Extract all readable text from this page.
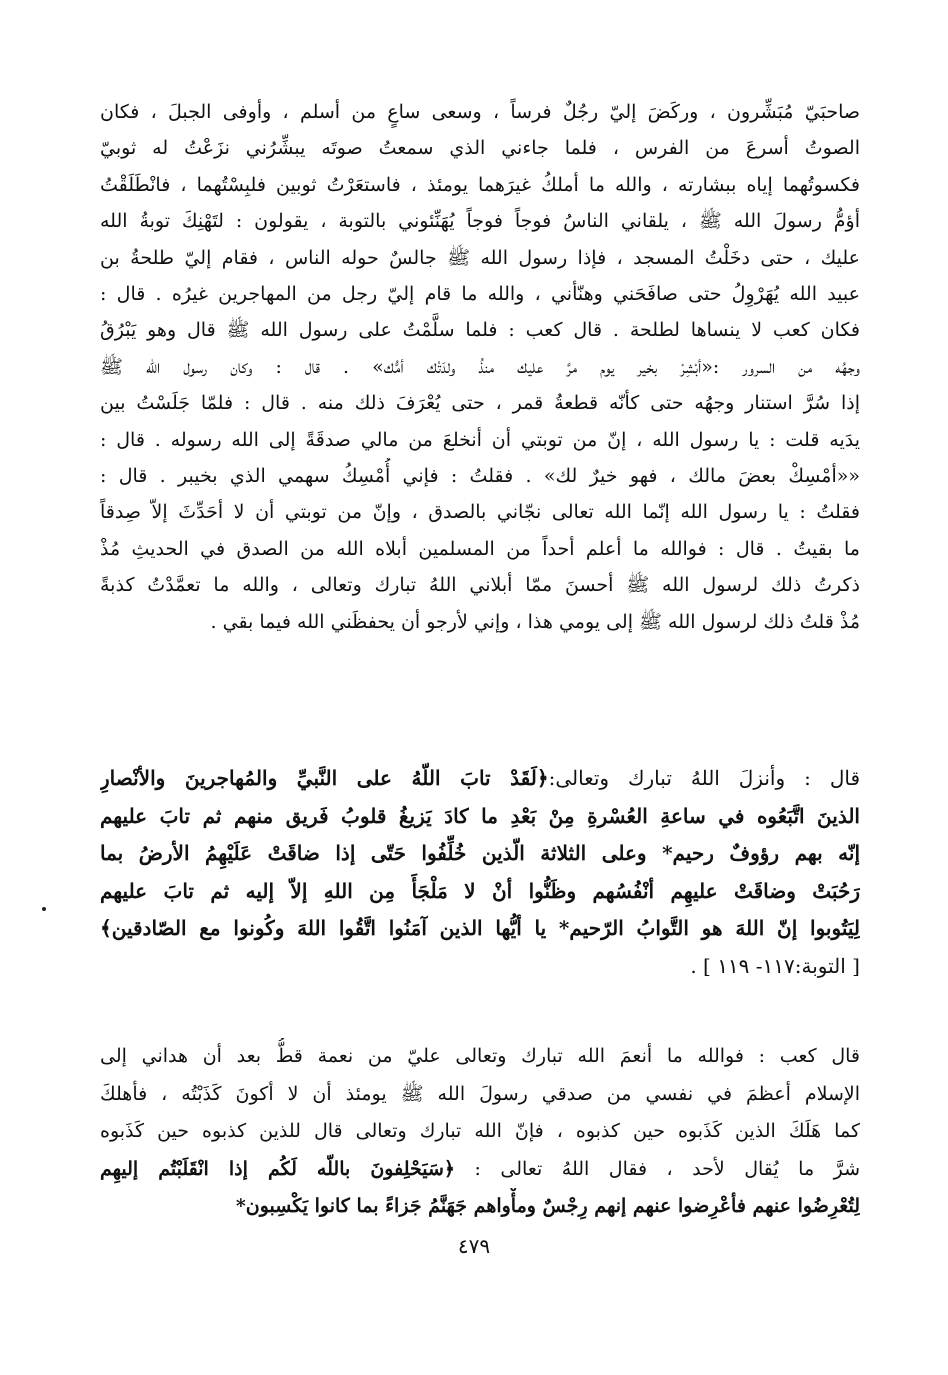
صاحبَيّ مُبَشِّرون ، وركَضَ إليّ رجُلٌ فرساً ، وسعى ساعٍ من أسلم ، وأوفى الجبلَ ، فكان
الصوتُ أسرعَ من الفرس ، فلما جاءني الذي سمعتُ صوتَه يبشِّرُني نزَعْتُ له ثوبيّ
فكسوتُهما إياه ببشارته ، والله ما أملكُ غيرَهما يومئذ ، فاستعَرْتُ ثوبين فلبِسْتُهما ، فانْطَلَقْتُ
أؤمُّ رسولَ الله ﷺ ، يلقاني الناسُ فوجاً فوجاً يُهَنِّئوني بالتوبة ، يقولون : لتَهْنِكَ توبةُ الله
عليك ، حتى دخَلْتُ المسجد ، فإذا رسول الله ﷺ جالسٌ حوله الناس ، فقام إليّ طلحةُ بن
عبيد الله يُهَرْوِلُ حتى صافَحَني وهنّأني ، والله ما قام إليّ رجل من المهاجرين غيرُه . قال :
فكان كعب لا ينساها لطلحة . قال كعب : فلما سلَّمْتُ على رسول الله ﷺ قال وهو يَبْرُقُ
وجهُه من السرور :«أبْشِرْ بخير يوم مرَّ عليك منذُ ولدَتْك أمُّك» . قال : وكان رسول الله ﷺ
إذا سُرَّ استنار وجهُه حتى كأنّه قطعةُ قمر ، حتى يُعْرَفَ ذلك منه . قال : فلمّا جَلَسْتُ بين
يدَيه قلت : يا رسول الله ، إنّ من توبتي أن أنخلعَ من مالي صدقَةً إلى الله رسوله . قال :
««أمْسِكْ بعضَ مالك ، فهو خيرٌ لك» . فقلتُ : فإني أُمْسِكُ سهمي الذي بخيبر . قال :
فقلتُ : يا رسول الله إنّما الله تعالى نجّاني بالصدق ، وإنّ من توبتي أن لا أحَدِّثَ إلاّ صِدقاً
ما بقيتُ . قال : فوالله ما أعلم أحداً من المسلمين أبلاه الله من الصدق في الحديثِ مُذْ
ذكرتُ ذلك لرسول الله ﷺ أحسنَ ممّا أبلاني اللهُ تبارك وتعالى ، والله ما تعمَّدْتُ كذبةً
مُذْ قلتُ ذلك لرسول الله ﷺ إلى يومي هذا ، وإني لأرجو أن يحفظَني الله فيما بقي .
قال : وأنزلَ اللهُ تبارك وتعالى:﴿لَقَدْ تابَ اللّهُ على النَّبيِّ والمُهاجرينَ والأنْصارِ
الذينَ اتَّبَعُوه في ساعةِ العُسْرةِ مِنْ بَعْدِ ما كادَ يَزيغُ قلوبُ فَريق منهم ثم تابَ عليهم
إنّه بهم رؤوفٌ رحيم* وعلى الثلاثة الّذين خُلِّفُوا حَتّى إذا ضاقَتْ عَلَيْهِمُ الأرضُ بما
رَحُبَتْ وضاقَتْ عليهِم أنْفُسُهم وظَنُّوا أنْ لا مَلْجَأَ مِن اللهِ إلاّ إليه ثم تابَ عليهم
لِيَتُوبوا إنّ اللهَ هو التَّوابُ الرّحيم* يا أيُّها الذين آمَنُوا اتَّقُوا اللهَ وكُونوا مع الصّادقين﴾
[ التوبة:١١٧- ١١٩ ] .
قال كعب : فوالله ما أنعمَ الله تبارك وتعالى عليّ من نعمة قطُّ بعد أن هداني إلى
الإسلام أعظمَ في نفسي من صدقي رسولَ الله ﷺ يومئذ أن لا أكونَ كَذَبْتُه ، فأهلكَ
كما هَلَكَ الذين كَذَبوه حين كذبوه ، فإنّ الله تبارك وتعالى قال للذين كذبوه حين كَذَبوه
شرَّ ما يُقال لأحد ، فقال اللهُ تعالى : ﴿سَيَحْلِفونَ باللّه لَكُم إذا انْقَلَبْتُم إليهِم
لِتُعْرِضُوا عنهم فأعْرِضوا عنهم إنهم رِجْسٌ ومأْواهم جَهَنَّمُ جَزاءً بما كانوا يَكْسِبون*
٤٧٩
